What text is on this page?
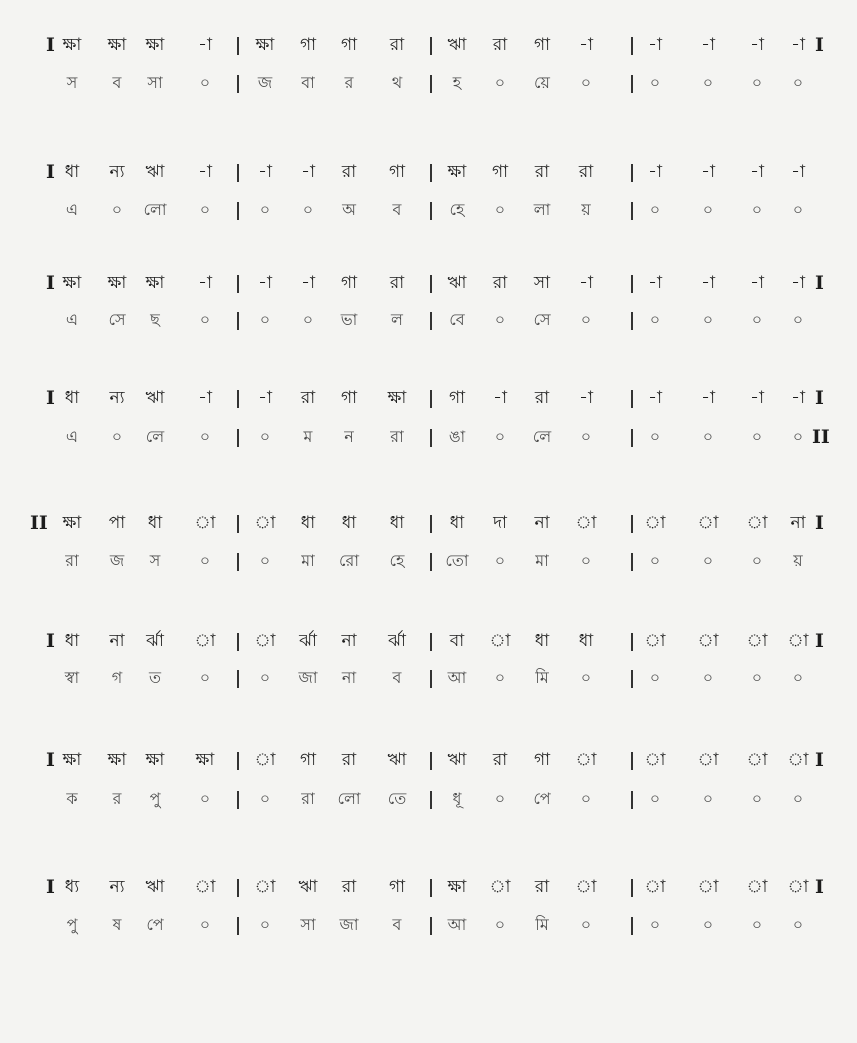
I ক্ষা	ক্ষা	ক্ষা	-া	ক্ষা	গা	গা	রা	ঋা	রা	গা	-া	-া	-া	-া	-া I
স	ব	সা	০	জ	বা	র	থ	হ	০	য়ে	০	০	০	০	০
I ধা	ন্য	ঋা	-া	-া	-া	রা	গা	ক্ষা	গা	রা	রা	-া	-া	-া	-া
এ	০	লো	০	০	০	অ	ব	হে	০	লা	য়	০	০	০	০
I ক্ষা	ক্ষা	ক্ষা	-া	-া	-া	গা	রা	ঋা	রা	সা	-া	-া	-া	-া	-া I
এ	সে	ছ	০	০	০	ভা	ল	বে	০	সে	০	০	০	০	০
I ধা	ন্য	ঋা	-া	-া	রা	গা	ক্ষা	গা	-া	রা	-া	-া	-া	-া	-া I
এ	০	লে	০	০	ম	ন	রা	ঙা	০	লে	০	০	০	০	০ II
II ক্ষা	পা	ধা	া	া	ধা	ধা	ধা	ধা	দা	না	া	া	া	া	না I
রা	জ	স	০	০	মা	রো	হে	তো	০	মা	০	০	০	০	য়
I ধা	না	র্ঝা	া	া	র্ঝা	না	র্ঝা	বা	া	ধা	ধা	া	া	া	া I
স্বা	গ	ত	০	০	জা	না	ব	আ	০	মি	০	০	০	০	০
I ক্ষা	ক্ষা	ক্ষা	ক্ষা	া	গা	রা	ঋা	ঋা	রা	গা	া	া	া	া	া I
ক	র	পু	০	০	রা	লো	তে	ধূ	০	পে	০	০	০	০	০
I ধ্য	ন্য	ঋা	া	া	ঋা	রা	গা	ক্ষা	া	রা	া	া	া	া	া I
পু	ষ	পে	০	০	সা	জা	ব	আ	০	মি	০	০	০	০	০
